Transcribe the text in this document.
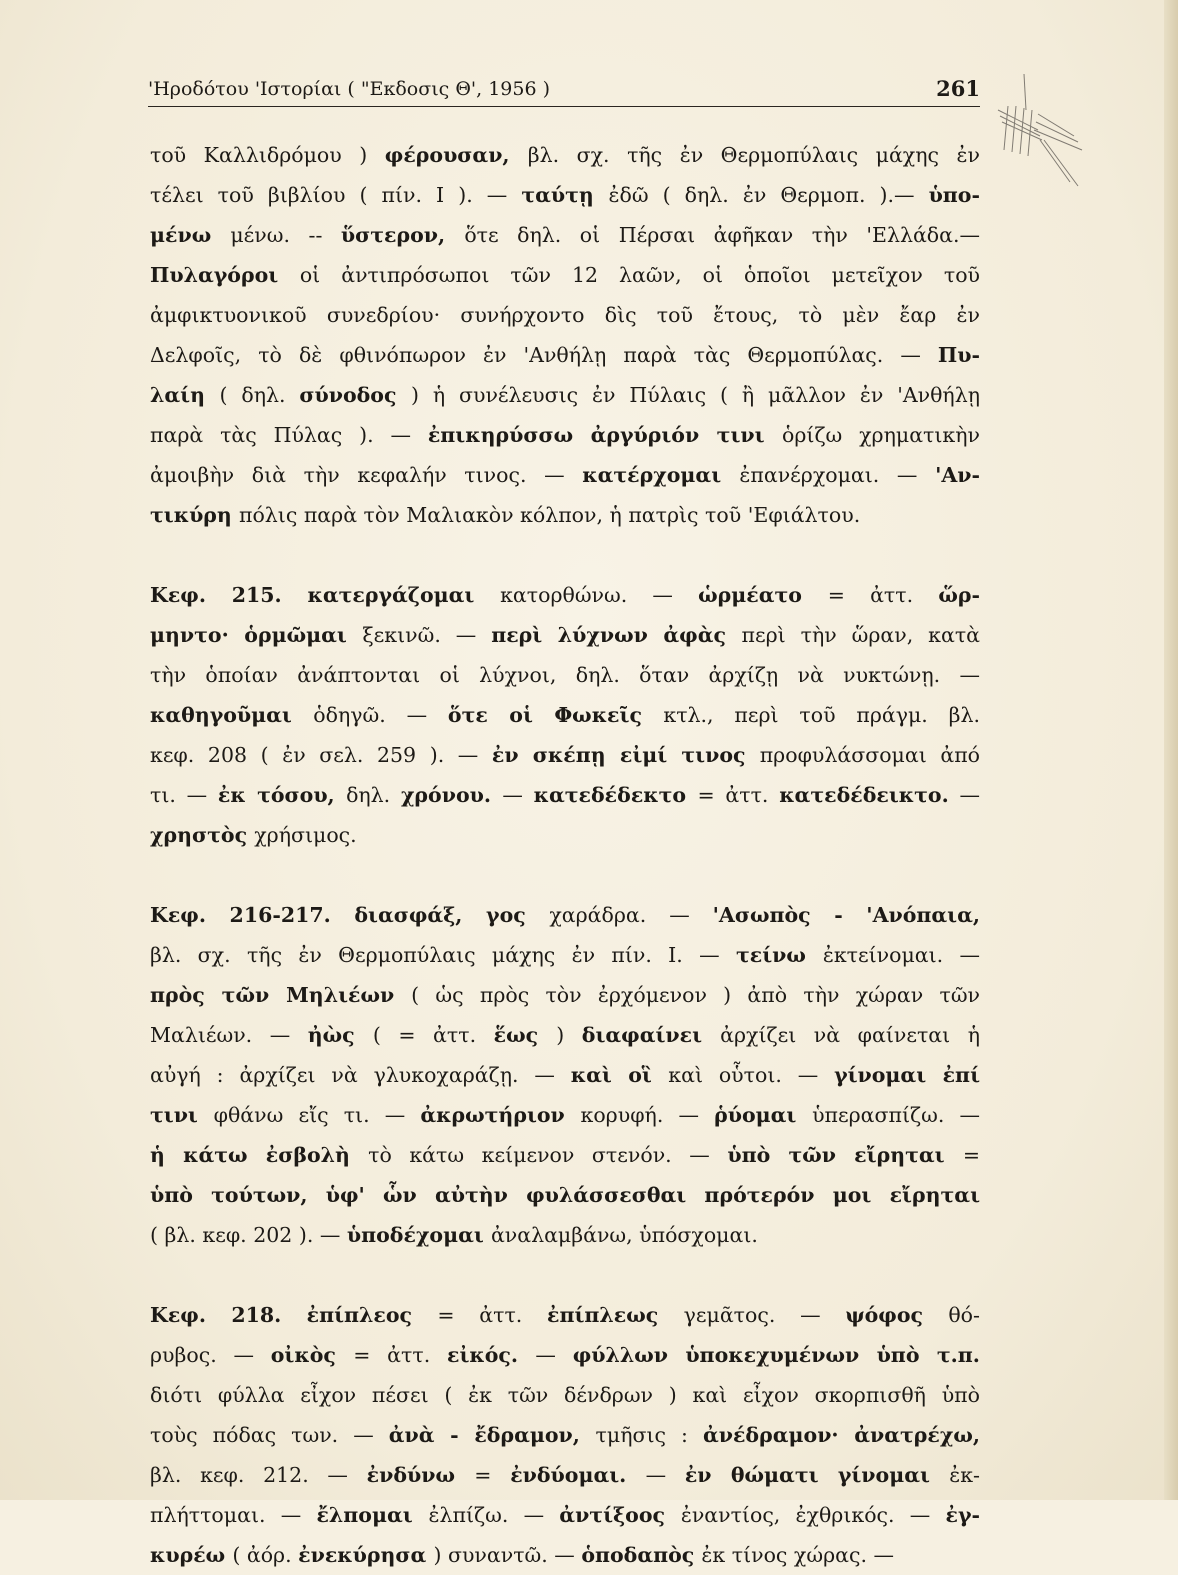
'Ηροδότου 'Ιστορίαι ( "Εκδοσις Θ', 1956 )	261

τοῦ Καλλιδρόμου ) φέρουσαν, βλ. σχ. τῆς ἐν Θερμοπύλαις μάχης ἐν

τέλει τοῦ βιβλίου ( πίν. Ι ). — ταύτῃ ἐδῶ ( δηλ. ἐν Θερμοπ. ).— ὑπο-

μένω μένω. -- ὕστερον, ὅτε δηλ. οἱ Πέρσαι ἀφῆκαν τὴν 'Ελλάδα.—

Πυλαγόροι οἱ ἀντιπρόσωποι τῶν 12 λαῶν, οἱ ὁποῖοι μετεῖχον τοῦ

ἀμφικτυονικοῦ συνεδρίου· συνήρχοντο δὶς τοῦ ἔτους, τὸ μὲν ἔαρ ἐν

Δελφοῖς, τὸ δὲ φθινόπωρον ἐν 'Ανθήλῃ παρὰ τὰς Θερμοπύλας. — Πυ-

λαίη ( δηλ. σύνοδος ) ἡ συνέλευσις ἐν Πύλαις ( ἢ μᾶλλον ἐν 'Ανθήλῃ

παρὰ τὰς Πύλας ). — ἐπικηρύσσω ἀργύριόν τινι ὁρίζω χρηματικὴν

ἀμοιβὴν διὰ τὴν κεφαλήν τινος. — κατέρχομαι ἐπανέρχομαι. — 'Αν-

τικύρη πόλις παρὰ τὸν Μαλιακὸν κόλπον, ἡ πατρὶς τοῦ 'Εφιάλτου.

Κεφ. 215. κατεργάζομαι κατορθώνω. — ὡρμέατο = ἀττ. ὥρ-

μηντο· ὁρμῶμαι ξεκινῶ. — περὶ λύχνων ἀφὰς περὶ τὴν ὥραν, κατὰ

τὴν ὁποίαν ἀνάπτονται οἱ λύχνοι, δηλ. ὅταν ἀρχίζῃ νὰ νυκτώνῃ. —

καθηγοῦμαι ὁδηγῶ. — ὅτε οἱ Φωκεῖς κτλ., περὶ τοῦ πράγμ. βλ.

κεφ. 208 ( ἐν σελ. 259 ). — ἐν σκέπῃ εἰμί τινος προφυλάσσομαι ἀπό

τι. — ἐκ τόσου, δηλ. χρόνου. — κατεδέδεκτο = ἀττ. κατεδέδεικτο. —

χρηστὸς χρήσιμος.

Κεφ. 216-217. διασφάξ, γος χαράδρα. — 'Ασωπὸς - 'Ανόπαια,

βλ. σχ. τῆς ἐν Θερμοπύλαις μάχης ἐν πίν. Ι. — τείνω ἐκτείνομαι. —

πρὸς τῶν Μηλιέων ( ὡς πρὸς τὸν ἐρχόμενον ) ἀπὸ τὴν χώραν τῶν

Μαλιέων. — ἠὼς ( = ἀττ. ἕως ) διαφαίνει ἀρχίζει νὰ φαίνεται ἡ

αὐγή : ἀρχίζει νὰ γλυκοχαράζῃ. — καὶ οἳ καὶ οὗτοι. — γίνομαι ἐπί

τινι φθάνω εἴς τι. — ἀκρωτήριον κορυφή. — ῥύομαι ὑπερασπίζω. —

ἡ κάτω ἐσβολὴ τὸ κάτω κείμενον στενόν. — ὑπὸ τῶν εἴρηται =

ὑπὸ τούτων, ὑφ' ὧν αὐτὴν φυλάσσεσθαι πρότερόν μοι εἴρηται

( βλ. κεφ. 202 ). — ὑποδέχομαι ἀναλαμβάνω, ὑπόσχομαι.

Κεφ. 218. ἐπίπλεος = ἀττ. ἐπίπλεως γεμᾶτος. — ψόφος θό-

ρυβος. — οἰκὸς = ἀττ. εἰκός. — φύλλων ὑποκεχυμένων ὑπὸ τ.π.

διότι φύλλα εἶχον πέσει ( ἐκ τῶν δένδρων ) καὶ εἶχον σκορπισθῆ ὑπὸ

τοὺς πόδας των. — ἀνὰ - ἔδραμον, τμῆσις : ἀνέδραμον· ἀνατρέχω,

βλ. κεφ. 212. — ἐνδύνω = ἐνδύομαι. — ἐν θώματι γίνομαι ἐκ-

πλήττομαι. — ἔλπομαι ἐλπίζω. — ἀντίξοος ἐναντίος, ἐχθρικός. — ἐγ-

κυρέω ( ἀόρ. ἐνεκύρησα ) συναντῶ. — ὁποδαπὸς ἐκ τίνος χώρας. —
